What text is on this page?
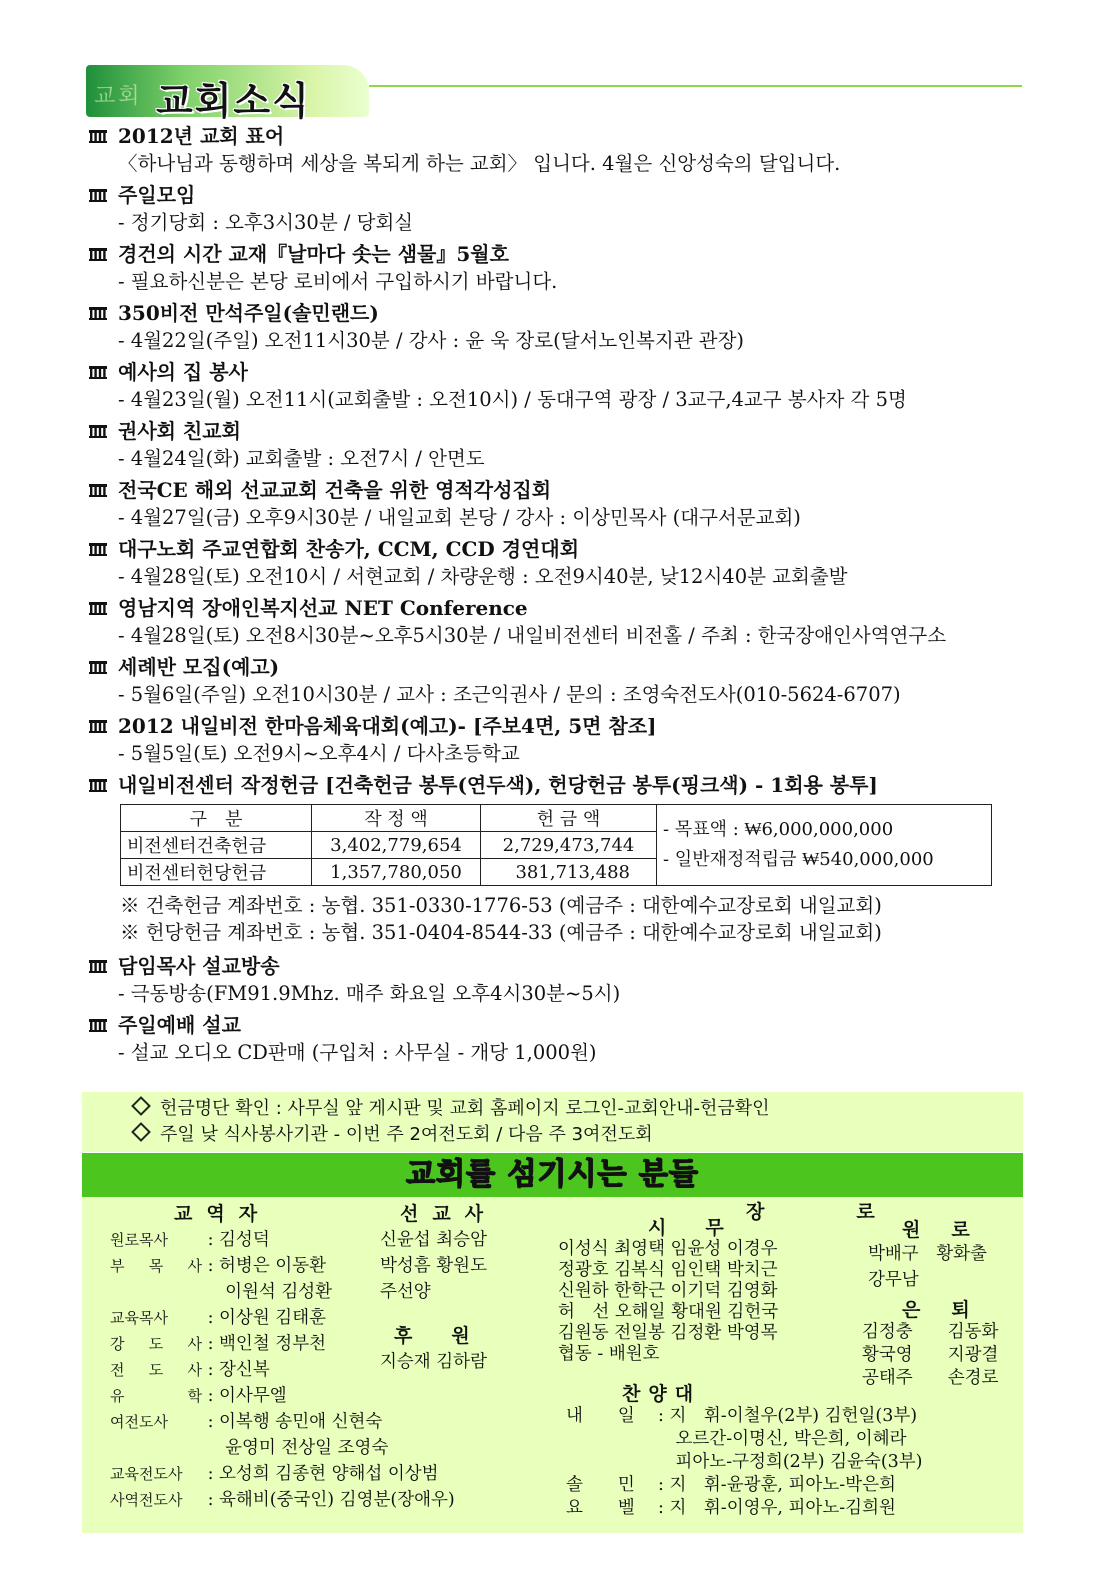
교회 교회소식
2012년 교회 표어
〈하나님과 동행하며 세상을 복되게 하는 교회〉 입니다. 4월은 신앙성숙의 달입니다.
주일모임
- 정기당회 : 오후3시30분 / 당회실
경건의 시간 교재『날마다 솟는 샘물』5월호
- 필요하신분은 본당 로비에서 구입하시기 바랍니다.
350비전 만석주일(솔민랜드)
- 4월22일(주일) 오전11시30분 / 강사 : 윤 욱 장로(달서노인복지관 관장)
예사의 집 봉사
- 4월23일(월) 오전11시(교회출발 : 오전10시) / 동대구역 광장 / 3교구,4교구 봉사자 각 5명
권사회 친교회
- 4월24일(화) 교회출발 : 오전7시 / 안면도
전국CE 해외 선교교회 건축을 위한 영적각성집회
- 4월27일(금) 오후9시30분 / 내일교회 본당 / 강사 : 이상민목사 (대구서문교회)
대구노회 주교연합회 찬송가, CCM, CCD 경연대회
- 4월28일(토) 오전10시 / 서현교회 / 차량운행 : 오전9시40분, 낮12시40분 교회출발
영남지역 장애인복지선교 NET Conference
- 4월28일(토) 오전8시30분~오후5시30분 / 내일비전센터 비전홀 / 주최 : 한국장애인사역연구소
세례반 모집(예고)
- 5월6일(주일) 오전10시30분 / 교사 : 조근익권사 / 문의 : 조영숙전도사(010-5624-6707)
2012 내일비전 한마음체육대회(예고)- [주보4면, 5면 참조]
- 5월5일(토) 오전9시~오후4시 / 다사초등학교
내일비전센터 작정헌금 [건축헌금 봉투(연두색), 헌당헌금 봉투(핑크색) - 1회용 봉투]
구　분	작 정 액	헌 금 액	- 목표액 : ₩6,000,000,000
- 일반재정적립금 ₩540,000,000

비전센터건축헌금	3,402,779,654	2,729,473,744	
비전센터헌당헌금	1,357,780,050	381,713,488	
※ 건축헌금 계좌번호 : 농협. 351-0330-1776-53 (예금주 : 대한예수교장로회 내일교회)
※ 헌당헌금 계좌번호 : 농협. 351-0404-8544-33 (예금주 : 대한예수교장로회 내일교회)
담임목사 설교방송
- 극동방송(FM91.9Mhz. 매주 화요일 오후4시30분~5시)
주일예배 설교
- 설교 오디오 CD판매 (구입처 : 사무실 - 개당 1,000원)
헌금명단 확인 : 사무실 앞 게시판 및 교회 홈페이지 로그인-교회안내-헌금확인
주일 낮 식사봉사기관 - 이번 주 2여전도회 / 다음 주 3여전도회
교회를 섬기시는 분들
교역자
원로목사 : 김성덕
부 목 사 : 허병은 이동환
　 이원석 김성환
교육목사 : 이상원 김태훈
강 도 사 : 백인철 정부천
전 도 사 : 장신복
유　　학 : 이사무엘
여전도사 : 이복행 송민애 신현숙
　 윤영미 전상일 조영숙
교육전도사 : 오성희 김종현 양해섭 이상범
사역전도사 : 육해비(중국인) 김영분(장애우)
선교사
신윤섭 최승암
박성흠 황원도
주선양
후　원
지승재 김하람
장　　로
시　무
이성식 최영택 임윤성 이경우
정광호 김복식 임인택 박치근
신원하 한학근 이기덕 김영화
허　선 오해일 황대원 김헌국
김원동 전일봉 김정환 박영목
협동 - 배원호
원　로
박배구　황화출
강무남
은　퇴
김정충　　김동화
황국영　　지광결
공태주　　손경로
찬양대
내　　일 : 지　휘-이철우(2부) 김헌일(3부)
　오르간-이명신, 박은희, 이혜라
　피아노-구정희(2부) 김윤숙(3부)
솔　　민 : 지　휘-윤광훈, 피아노-박은희
요　　벨 : 지　휘-이영우, 피아노-김희원
